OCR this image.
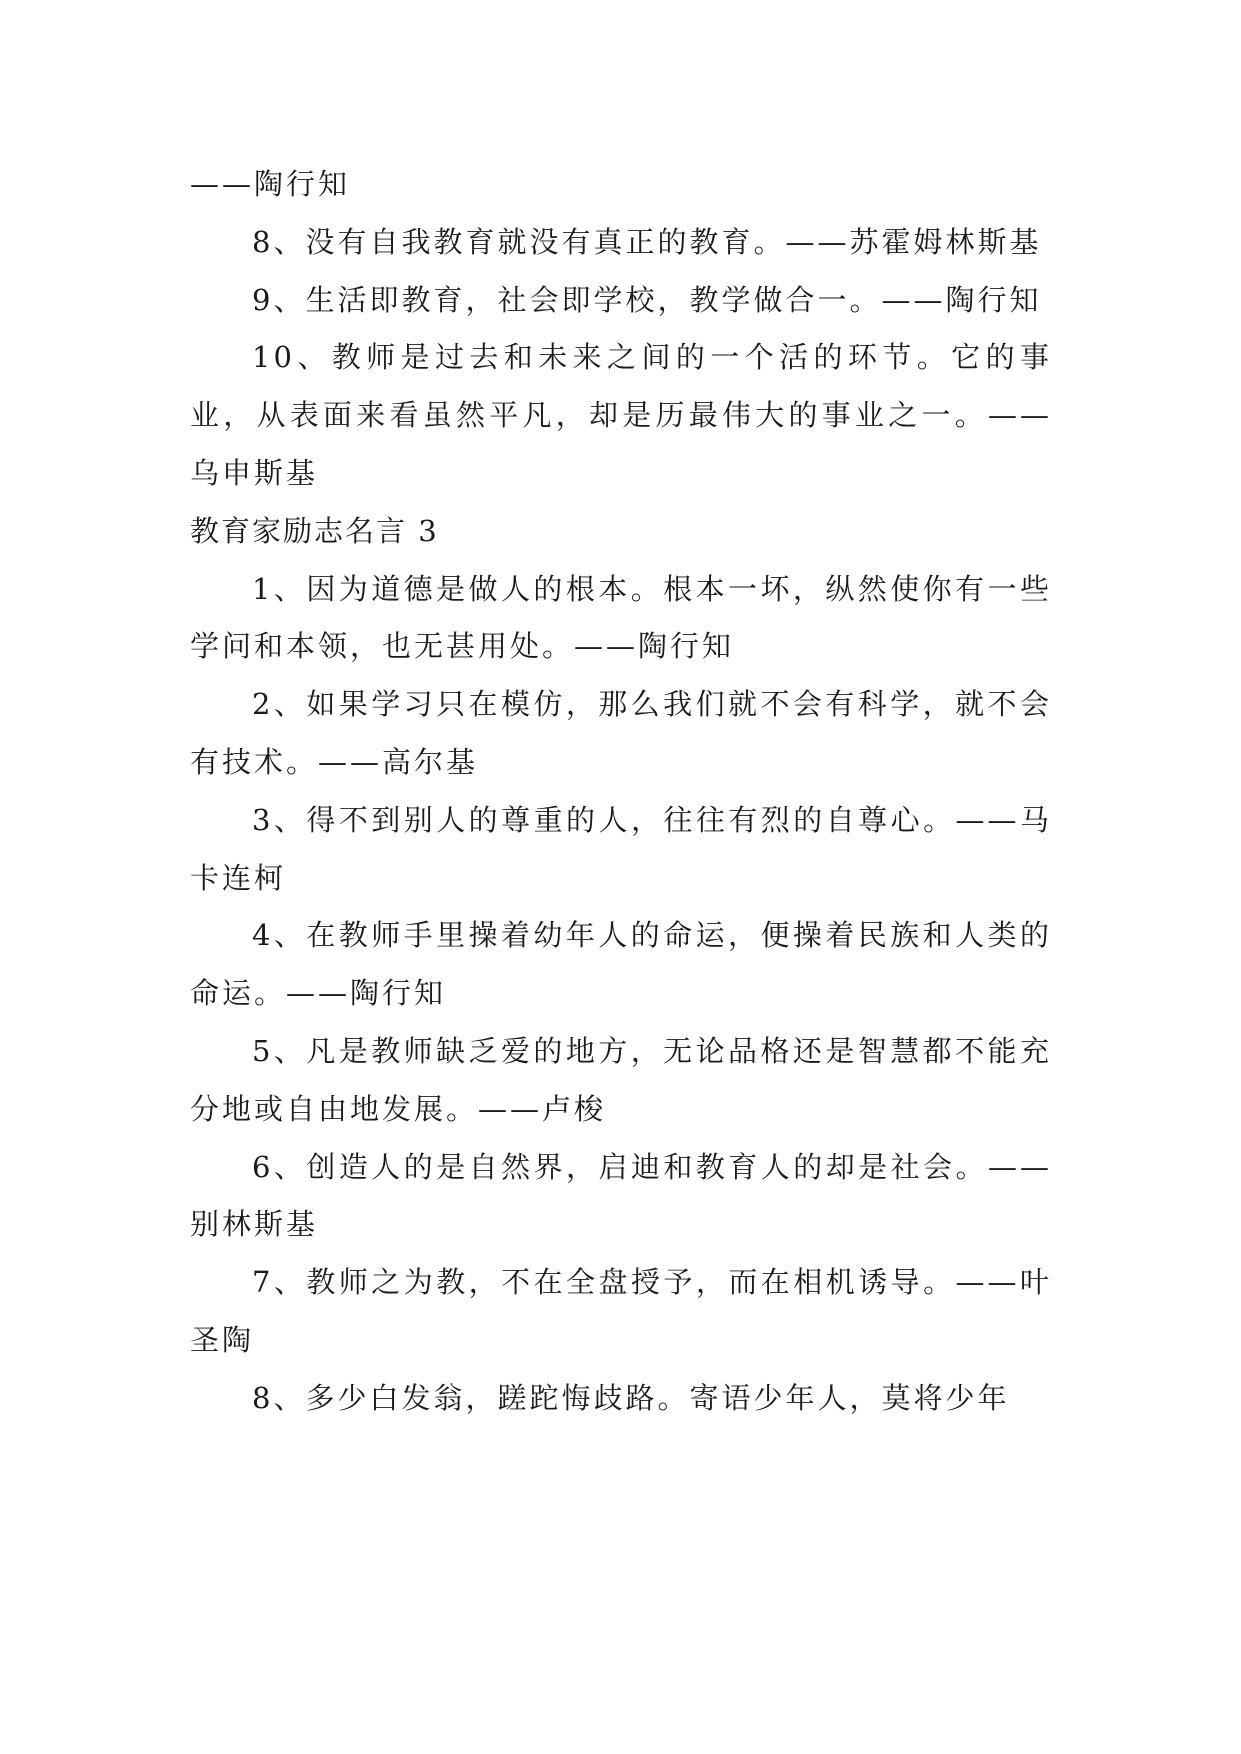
——陶行知

8、没有自我教育就没有真正的教育。——苏霍姆林斯基

9、生活即教育，社会即学校，教学做合一。——陶行知

10、教师是过去和未来之间的一个活的环节。它的事业，从表面来看虽然平凡，却是历最伟大的事业之一。——乌申斯基

教育家励志名言 3

1、因为道德是做人的根本。根本一坏，纵然使你有一些学问和本领，也无甚用处。——陶行知

2、如果学习只在模仿，那么我们就不会有科学，就不会有技术。——高尔基

3、得不到别人的尊重的人，往往有烈的自尊心。——马卡连柯

4、在教师手里操着幼年人的命运，便操着民族和人类的命运。——陶行知

5、凡是教师缺乏爱的地方，无论品格还是智慧都不能充分地或自由地发展。——卢梭

6、创造人的是自然界，启迪和教育人的却是社会。——别林斯基

7、教师之为教，不在全盘授予，而在相机诱导。——叶圣陶

8、多少白发翁，蹉跎悔歧路。寄语少年人，莫将少年
